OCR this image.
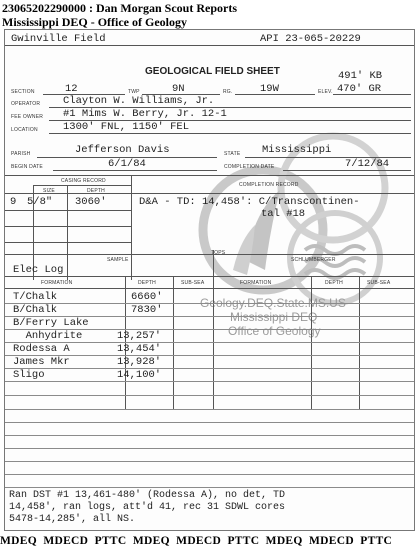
23065202290000 : Dan Morgan Scout Reports
Mississippi DEQ - Office of Geology
Geology.DEQ.State.MS.US
Mississippi DEQ
Office of Geology
Gwinville Field	API 23-065-20229
GEOLOGICAL FIELD SHEET	491' KB
SECTION	12	TWP	9N	RG.	19W	ELEV. 470' GR
OPERATOR Clayton W. Williams, Jr.
FEE OWNER #1 Mims W. Berry, Jr. 12-1
LOCATION 1300' FNL, 1150' FEL
PARISH	Jefferson Davis	STATE Mississippi
BEGIN DATE	6/1/84	COMPLETION DATE	7/12/84
CASING RECORD
COMPLETION RECORD
SIZE	DEPTH
9 5/8" 3060'	D&A - TD: 14,458': C/Transcontinen-
tal #18
SAMPLE
TOPS
SCHLUMBERGER
Elec Log
FORMATION	DEPTH	SUB-SEA	FORMATION	DEPTH	SUB-SEA
T/Chalk	6660'
B/Chalk	7830'
B/Ferry Lake
Anhydrite	13,257'
Rodessa A	13,454'
James Mkr	13,928'
Sligo	14,100'
Ran DST #1 13,461-480' (Rodessa A), no det, TD
14,458', ran logs, att'd 41, rec 31 SDWL cores
5478-14,285', all NS.
MDEQ  MDECD  PTTC  MDEQ  MDECD  PTTC  MDEQ  MDECD  PTTC
